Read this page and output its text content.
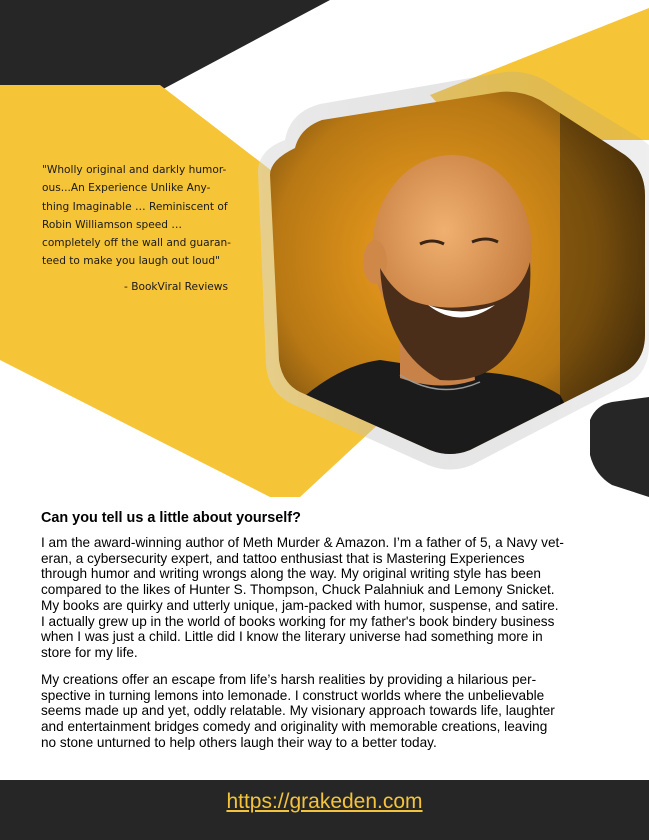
"Wholly original and darkly humor-
ous...An Experience Unlike Any-
thing Imaginable … Reminiscent of
Robin Williamson speed …
completely off the wall and guaran-
teed to make you laugh out loud"
- BookViral Reviews
Can you tell us a little about yourself?
I am the award-winning author of Meth Murder & Amazon. I’m a father of 5, a Navy vet-
eran, a cybersecurity expert, and tattoo enthusiast that is Mastering Experiences
through humor and writing wrongs along the way. My original writing style has been
compared to the likes of Hunter S. Thompson, Chuck Palahniuk and Lemony Snicket.
My books are quirky and utterly unique, jam-packed with humor, suspense, and satire.
I actually grew up in the world of books working for my father's book bindery business
when I was just a child. Little did I know the literary universe had something more in
store for my life.
My creations offer an escape from life’s harsh realities by providing a hilarious per-
spective in turning lemons into lemonade. I construct worlds where the unbelievable
seems made up and yet, oddly relatable. My visionary approach towards life, laughter
and entertainment bridges comedy and originality with memorable creations, leaving
no stone unturned to help others laugh their way to a better today.
https://grakeden.com
